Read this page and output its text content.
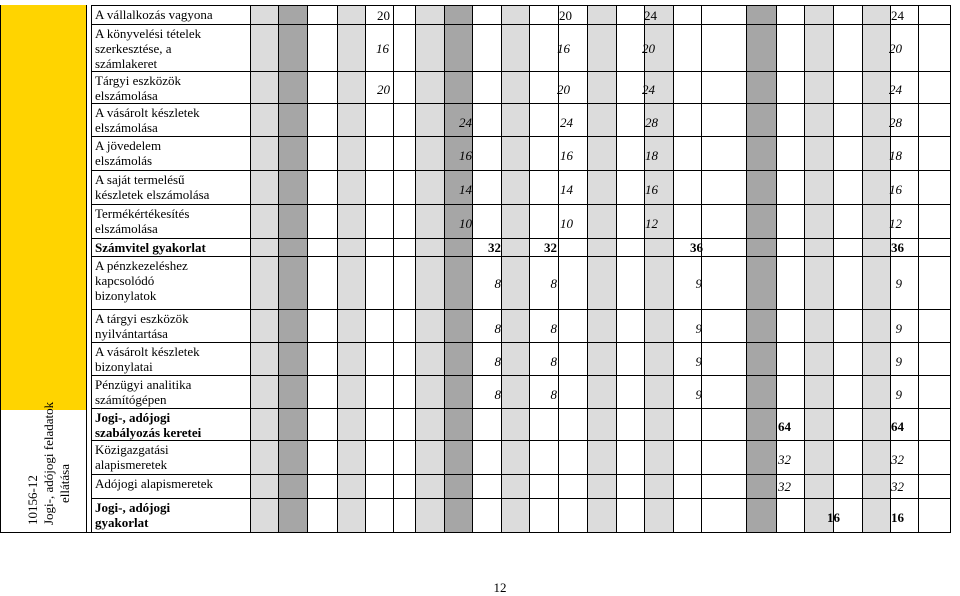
10156-12 Jogi-, adójogi feladatok ellátása
A vállalkozás vagyona	20	20	24	24
A könyvelési tételek
szerkesztése, a
számlakeret
16	16	20	20
Tárgyi eszközök
elszámolása	20	20	24	24
A vásárolt készletek
elszámolása	24	24	28	28
A jövedelem
elszámolás	16	16	18	18
A saját termelésű
készletek elszámolása	14	14	16	16
Termékértékesítés
elszámolása	10	10	12	12
Számvitel gyakorlat	32	32	36	36
A pénzkezeléshez
kapcsolódó
bizonylatok
8	8	9	9
A tárgyi eszközök
nyilvántartása	8	8	9	9
A vásárolt készletek
bizonylatai	8	8	9	9
Pénzügyi analitika
számítógépen	8	8	9	9
Jogi-, adójogi
szabályozás keretei	64	64
Közigazgatási
alapismeretek	32	32
Adójogi alapismeretek	32	32
Jogi-, adójogi
gyakorlat	16	16
12
